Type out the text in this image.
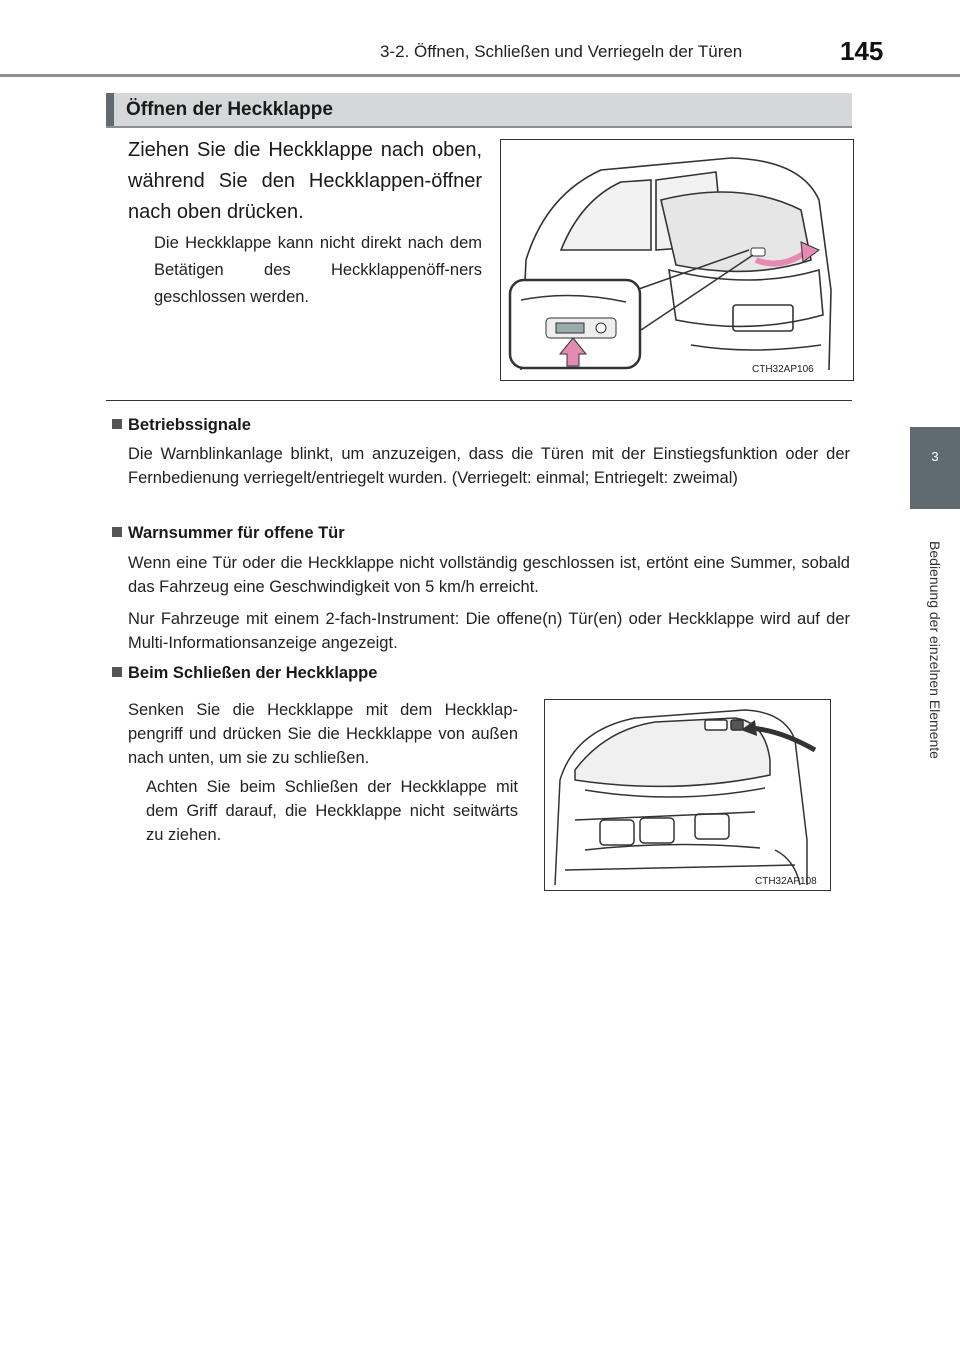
3-2. Öffnen, Schließen und Verriegeln der Türen	145
3
Bedienung der einzelnen Elemente
Öffnen der Heckklappe
Ziehen Sie die Heckklappe nach oben, während Sie den Heckklappen-öffner nach oben drücken.
Die Heckklappe kann nicht direkt nach dem Betätigen des Heckklappenöff-ners geschlossen werden.
CTH32AP106
Betriebssignale
Die Warnblinkanlage blinkt, um anzuzeigen, dass die Türen mit der Einstiegsfunktion oder der Fernbedienung verriegelt/entriegelt wurden. (Verriegelt: einmal; Entriegelt: zweimal)
Warnsummer für offene Tür
Wenn eine Tür oder die Heckklappe nicht vollständig geschlossen ist, ertönt eine Summer, sobald das Fahrzeug eine Geschwindigkeit von 5 km/h erreicht.
Nur Fahrzeuge mit einem 2-fach-Instrument: Die offene(n) Tür(en) oder Heckklappe wird auf der Multi-Informationsanzeige angezeigt.
Beim Schließen der Heckklappe
Senken Sie die Heckklappe mit dem Heckklap-pengriff und drücken Sie die Heckklappe von außen nach unten, um sie zu schließen.
Achten Sie beim Schließen der Heckklappe mit dem Griff darauf, die Heckklappe nicht seitwärts zu ziehen.
CTH32AP108
